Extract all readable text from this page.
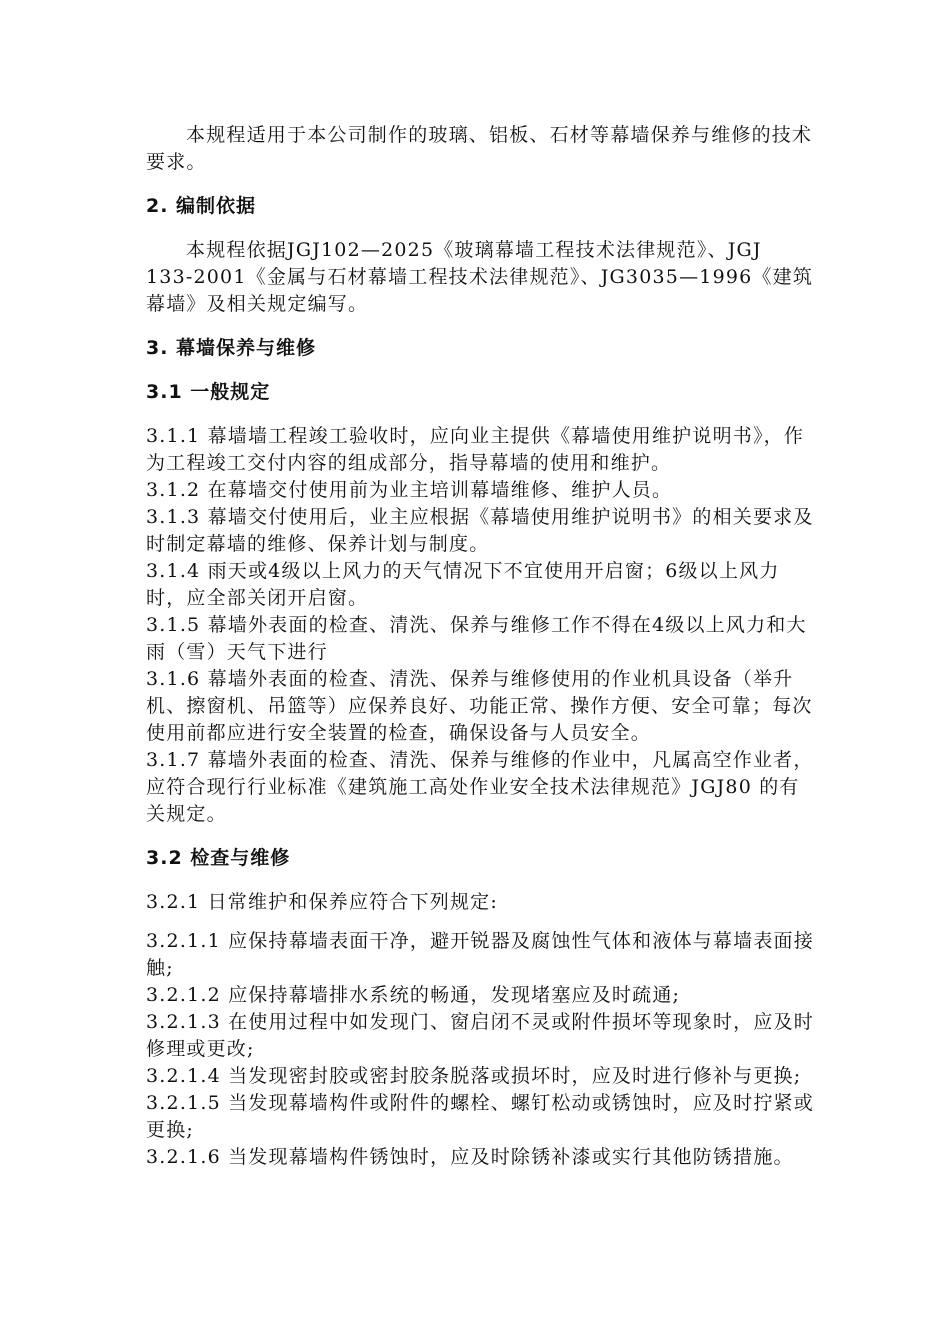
本规程适用于本公司制作的玻璃、铝板、石材等幕墙保养与维修的技术要求。

2. 编制依据

本规程依据JGJ102—2025《玻璃幕墙工程技术法律规范》、JGJ 133-2001《金属与石材幕墙工程技术法律规范》、JG3035—1996《建筑幕墙》及相关规定编写。

3. 幕墙保养与维修

3.1 一般规定

3.1.1 幕墙墙工程竣工验收时，应向业主提供《幕墙使用维护说明书》，作为工程竣工交付内容的组成部分，指导幕墙的使用和维护。

3.1.2 在幕墙交付使用前为业主培训幕墙维修、维护人员。

3.1.3 幕墙交付使用后，业主应根据《幕墙使用维护说明书》的相关要求及时制定幕墙的维修、保养计划与制度。

3.1.4 雨天或4级以上风力的天气情况下不宜使用开启窗；6级以上风力时，应全部关闭开启窗。

3.1.5 幕墙外表面的检查、清洗、保养与维修工作不得在4级以上风力和大雨（雪）天气下进行

3.1.6 幕墙外表面的检查、清洗、保养与维修使用的作业机具设备（举升机、擦窗机、吊篮等）应保养良好、功能正常、操作方便、安全可靠；每次使用前都应进行安全装置的检查，确保设备与人员安全。

3.1.7 幕墙外表面的检查、清洗、保养与维修的作业中，凡属高空作业者，应符合现行行业标准《建筑施工高处作业安全技术法律规范》JGJ80 的有关规定。

3.2 检查与维修

3.2.1 日常维护和保养应符合下列规定:

3.2.1.1 应保持幕墙表面干净，避开锐器及腐蚀性气体和液体与幕墙表面接触;

3.2.1.2 应保持幕墙排水系统的畅通，发现堵塞应及时疏通;

3.2.1.3 在使用过程中如发现门、窗启闭不灵或附件损坏等现象时，应及时修理或更改;

3.2.1.4 当发现密封胶或密封胶条脱落或损坏时，应及时进行修补与更换;

3.2.1.5 当发现幕墙构件或附件的螺栓、螺钉松动或锈蚀时，应及时拧紧或更换;

3.2.1.6 当发现幕墙构件锈蚀时，应及时除锈补漆或实行其他防锈措施。
